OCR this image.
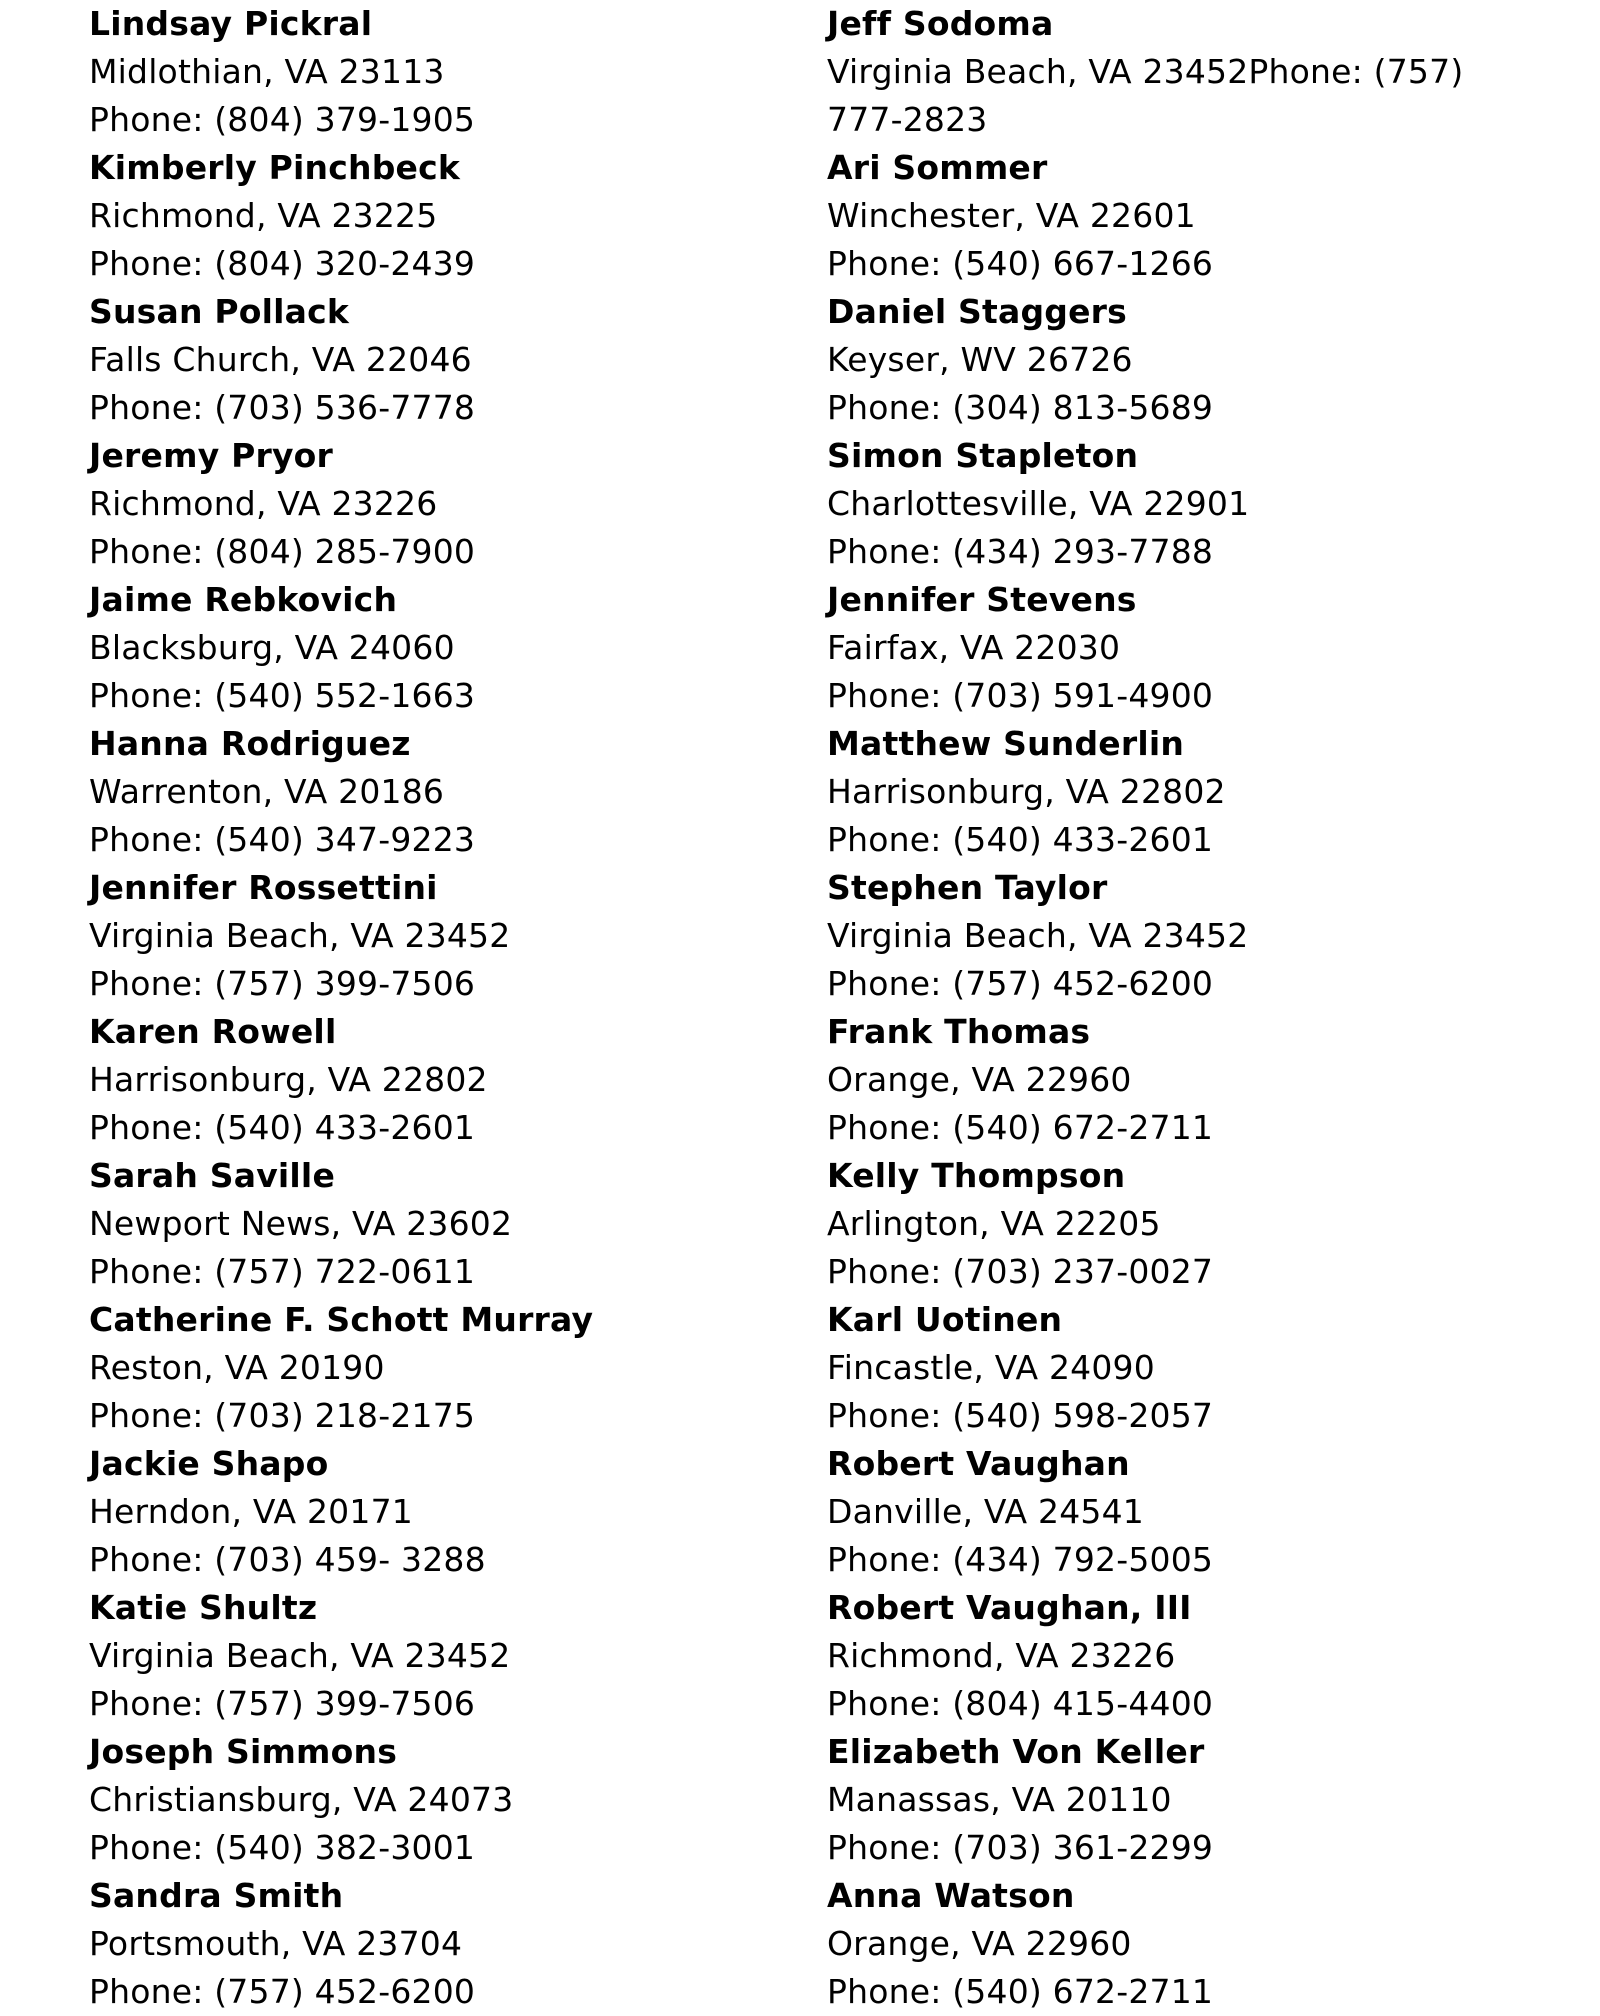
Lindsay Pickral
Midlothian, VA 23113
Phone: (804) 379-1905
Kimberly Pinchbeck
Richmond, VA 23225
Phone: (804) 320-2439
Susan Pollack
Falls Church, VA 22046
Phone: (703) 536-7778
Jeremy Pryor
Richmond, VA 23226
Phone: (804) 285-7900
Jaime Rebkovich
Blacksburg, VA 24060
Phone: (540) 552-1663
Hanna Rodriguez
Warrenton, VA 20186
Phone: (540) 347-9223
Jennifer Rossettini
Virginia Beach, VA 23452
Phone: (757) 399-7506
Karen Rowell
Harrisonburg, VA 22802
Phone: (540) 433-2601
Sarah Saville
Newport News, VA 23602
Phone: (757) 722-0611
Catherine F. Schott Murray
Reston, VA 20190
Phone: (703) 218-2175
Jackie Shapo
Herndon, VA 20171
Phone: (703) 459- 3288
Katie Shultz
Virginia Beach, VA 23452
Phone: (757) 399-7506
Joseph Simmons
Christiansburg, VA 24073
Phone: (540) 382-3001
Sandra Smith
Portsmouth, VA 23704
Phone: (757) 452-6200
Jeff Sodoma
Virginia Beach, VA 23452Phone: (757)
777-2823
Ari Sommer
Winchester, VA 22601
Phone: (540) 667-1266
Daniel Staggers
Keyser, WV 26726
Phone: (304) 813-5689
Simon Stapleton
Charlottesville, VA 22901
Phone: (434) 293-7788
Jennifer Stevens
Fairfax, VA 22030
Phone: (703) 591-4900
Matthew Sunderlin
Harrisonburg, VA 22802
Phone: (540) 433-2601
Stephen Taylor
Virginia Beach, VA 23452
Phone: (757) 452-6200
Frank Thomas
Orange, VA 22960
Phone: (540) 672-2711
Kelly Thompson
Arlington, VA 22205
Phone: (703) 237-0027
Karl Uotinen
Fincastle, VA 24090
Phone: (540) 598-2057
Robert Vaughan
Danville, VA 24541
Phone: (434) 792-5005
Robert Vaughan, III
Richmond, VA 23226
Phone: (804) 415-4400
Elizabeth Von Keller
Manassas, VA 20110
Phone: (703) 361-2299
Anna Watson
Orange, VA 22960
Phone: (540) 672-2711
